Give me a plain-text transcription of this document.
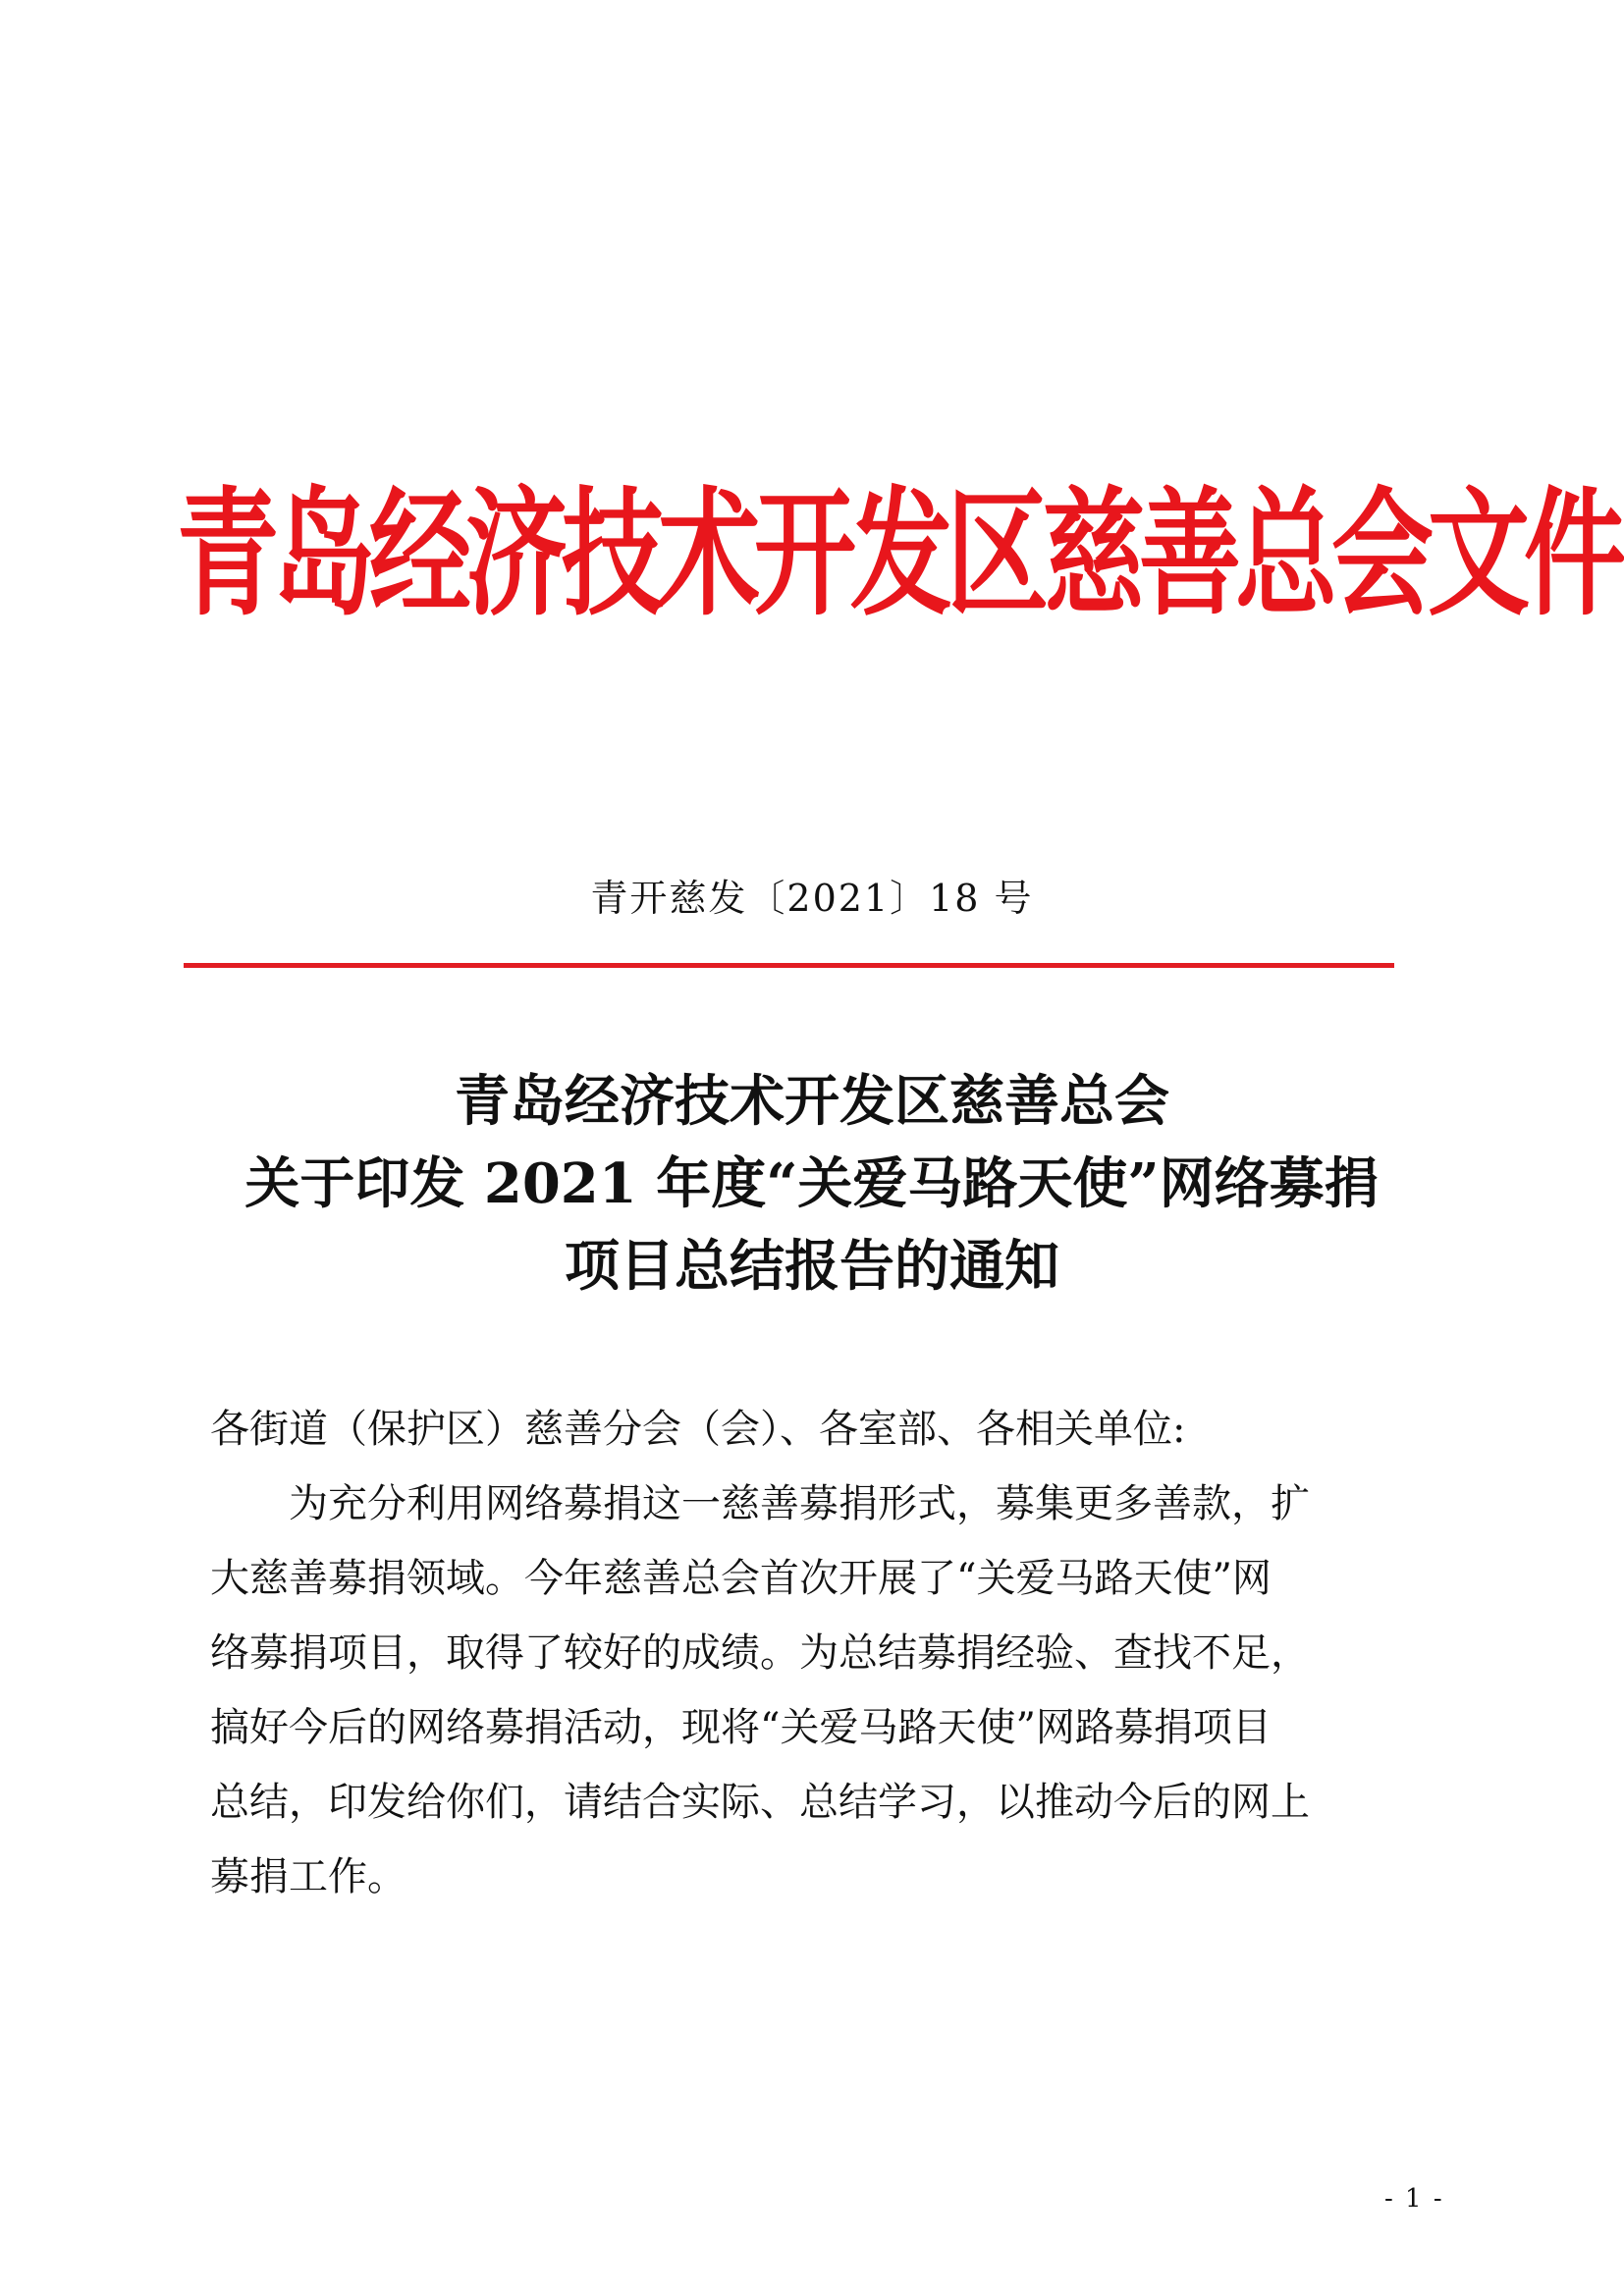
青岛经济技术开发区慈善总会文件
青开慈发〔2021〕18 号
青岛经济技术开发区慈善总会
关于印发 2021 年度“关爱马路天使”网络募捐
项目总结报告的通知
各街道（保护区）慈善分会（会）、各室部、各相关单位:
　　为充分利用网络募捐这一慈善募捐形式，募集更多善款，扩
大慈善募捐领域。今年慈善总会首次开展了“关爱马路天使”网
络募捐项目，取得了较好的成绩。为总结募捐经验、查找不足，
搞好今后的网络募捐活动，现将“关爱马路天使”网路募捐项目
总结，印发给你们，请结合实际、总结学习，以推动今后的网上
募捐工作。
- 1 -
